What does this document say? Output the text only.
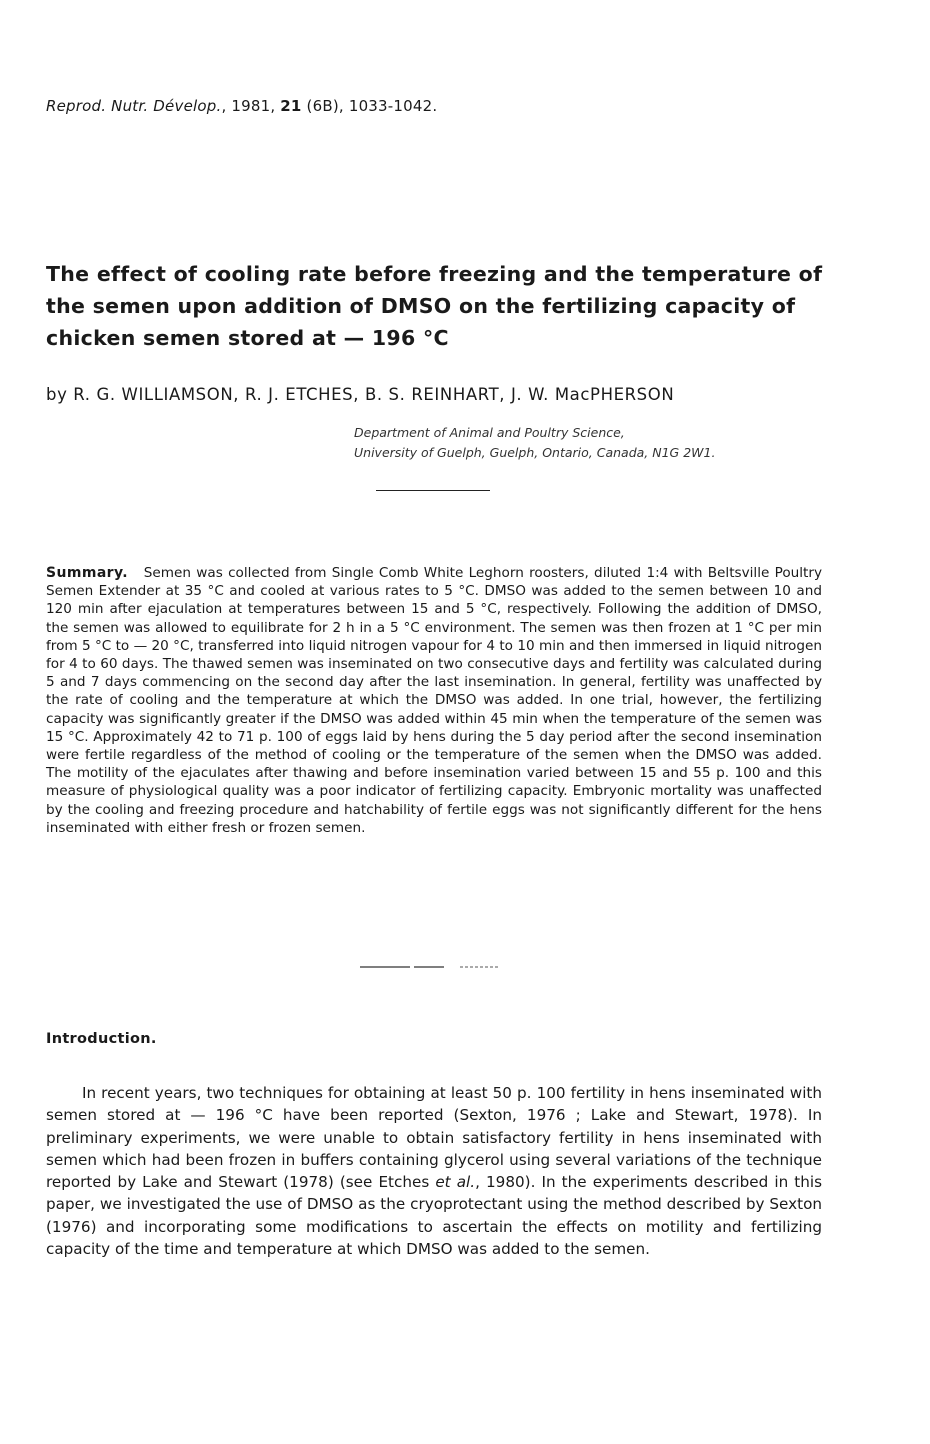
Reprod. Nutr. Dévelop., 1981, 21 (6B), 1033-1042.
The effect of cooling rate before freezing and the temperature of the semen upon addition of DMSO on the fertilizing capacity of chicken semen stored at — 196 °C
by R. G. WILLIAMSON, R. J. ETCHES, B. S. REINHART, J. W. MacPHERSON
Department of Animal and Poultry Science,
University of Guelph, Guelph, Ontario, Canada, N1G 2W1.
Summary. Semen was collected from Single Comb White Leghorn roosters, diluted 1:4 with Beltsville Poultry Semen Extender at 35 °C and cooled at various rates to 5 °C. DMSO was added to the semen between 10 and 120 min after ejaculation at temperatures between 15 and 5 °C, respectively. Following the addition of DMSO, the semen was allowed to equilibrate for 2 h in a 5 °C environment. The semen was then frozen at 1 °C per min from 5 °C to — 20 °C, transferred into liquid nitrogen vapour for 4 to 10 min and then immersed in liquid nitrogen for 4 to 60 days. The thawed semen was inseminated on two consecutive days and fertility was calculated during 5 and 7 days commencing on the second day after the last insemination. In general, fertility was unaffected by the rate of cooling and the temperature at which the DMSO was added. In one trial, however, the fertilizing capacity was significantly greater if the DMSO was added within 45 min when the temperature of the semen was 15 °C. Approximately 42 to 71 p. 100 of eggs laid by hens during the 5 day period after the second insemination were fertile regardless of the method of cooling or the temperature of the semen when the DMSO was added. The motility of the ejaculates after thawing and before insemination varied between 15 and 55 p. 100 and this measure of physiological quality was a poor indicator of fertilizing capacity. Embryonic mortality was unaffected by the cooling and freezing procedure and hatchability of fertile eggs was not significantly different for the hens inseminated with either fresh or frozen semen.
Introduction.
In recent years, two techniques for obtaining at least 50 p. 100 fertility in hens inseminated with semen stored at — 196 °C have been reported (Sexton, 1976 ; Lake and Stewart, 1978). In preliminary experiments, we were unable to obtain satisfactory fertility in hens inseminated with semen which had been frozen in buffers containing glycerol using several variations of the technique reported by Lake and Stewart (1978) (see Etches et al., 1980). In the experiments described in this paper, we investigated the use of DMSO as the cryoprotectant using the method described by Sexton (1976) and incorporating some modifications to ascertain the effects on motility and fertilizing capacity of the time and temperature at which DMSO was added to the semen.
